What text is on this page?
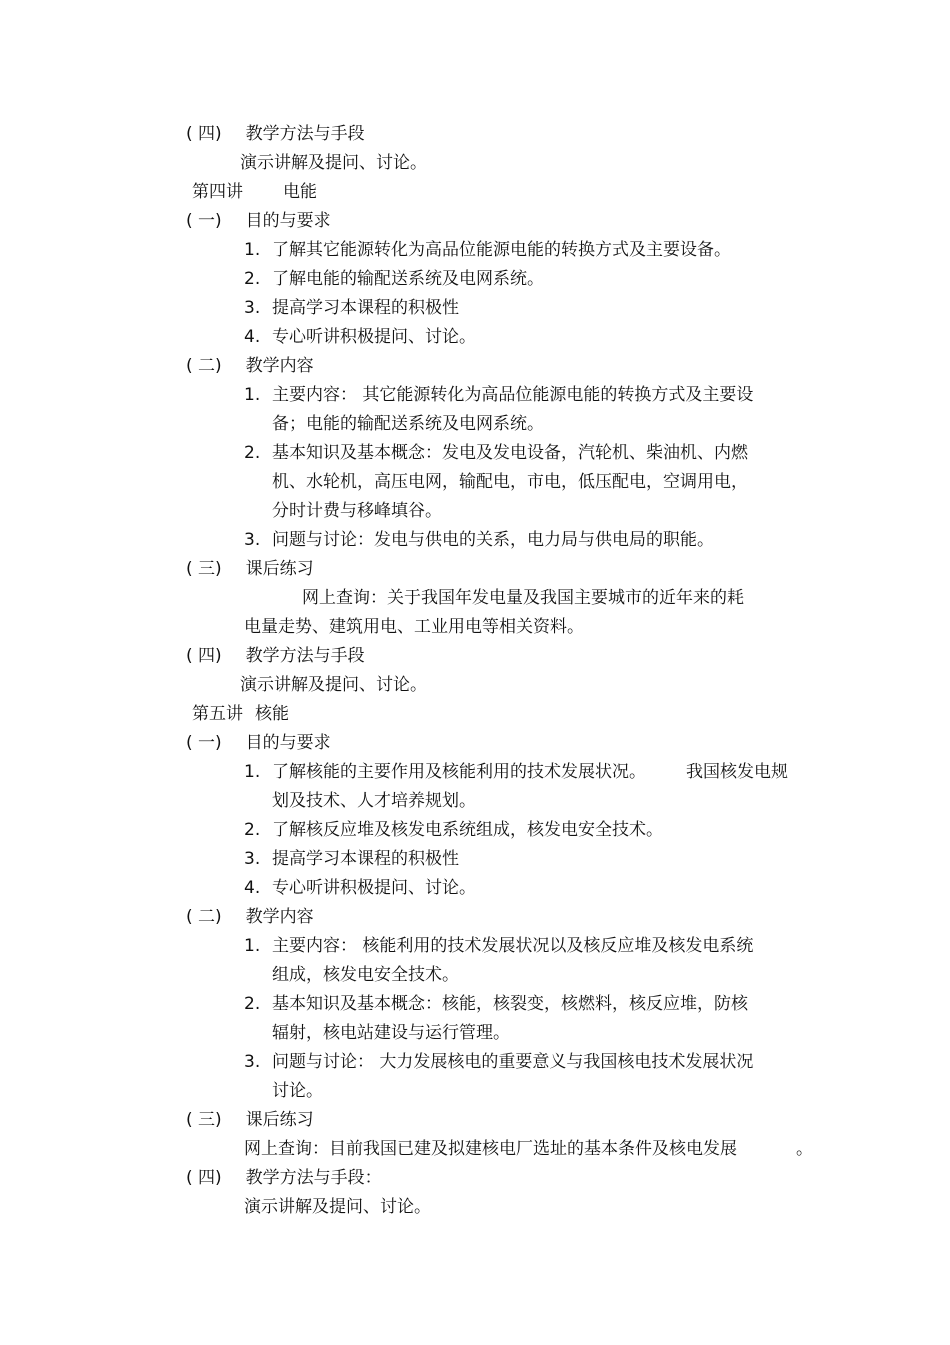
( 四) 教学方法与手段
演示讲解及提问、讨论。
第四讲 电能
( 一) 目的与要求
1. 了解其它能源转化为高品位能源电能的转换方式及主要设备。
2. 了解电能的输配送系统及电网系统。
3. 提高学习本课程的积极性
4. 专心听讲积极提问、讨论。
( 二) 教学内容
1. 主要内容： 其它能源转化为高品位能源电能的转换方式及主要设
备；电能的输配送系统及电网系统。
2. 基本知识及基本概念：发电及发电设备，汽轮机、柴油机、内燃
机、水轮机，高压电网，输配电，市电，低压配电，空调用电，
分时计费与移峰填谷。
3. 问题与讨论：发电与供电的关系，电力局与供电局的职能。
( 三) 课后练习
网上查询：关于我国年发电量及我国主要城市的近年来的耗
电量走势、建筑用电、工业用电等相关资料。
( 四) 教学方法与手段
演示讲解及提问、讨论。
第五讲 核能
( 一) 目的与要求
1. 了解核能的主要作用及核能利用的技术发展状况。 我国核发电规
划及技术、人才培养规划。
2. 了解核反应堆及核发电系统组成，核发电安全技术。
3. 提高学习本课程的积极性
4. 专心听讲积极提问、讨论。
( 二) 教学内容
1. 主要内容： 核能利用的技术发展状况以及核反应堆及核发电系统
组成，核发电安全技术。
2. 基本知识及基本概念：核能，核裂变，核燃料，核反应堆，防核
辐射，核电站建设与运行管理。
3. 问题与讨论： 大力发展核电的重要意义与我国核电技术发展状况
讨论。
( 三) 课后练习
网上查询：目前我国已建及拟建核电厂选址的基本条件及核电发展	。
( 四) 教学方法与手段：
演示讲解及提问、讨论。
